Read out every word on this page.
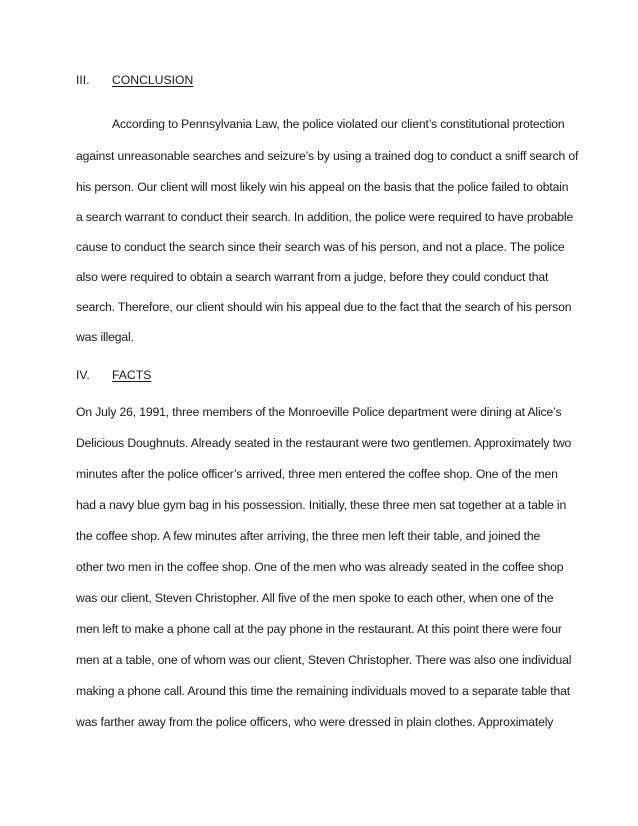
III. CONCLUSION
According to Pennsylvania Law, the police violated our client’s constitutional protection
against unreasonable searches and seizure’s by using a trained dog to conduct a sniff search of
his person. Our client will most likely win his appeal on the basis that the police failed to obtain
a search warrant to conduct their search. In addition, the police were required to have probable
cause to conduct the search since their search was of his person, and not a place. The police
also were required to obtain a search warrant from a judge, before they could conduct that
search. Therefore, our client should win his appeal due to the fact that the search of his person
was illegal.
IV. FACTS
On July 26, 1991, three members of the Monroeville Police department were dining at Alice’s
Delicious Doughnuts. Already seated in the restaurant were two gentlemen. Approximately two
minutes after the police officer’s arrived, three men entered the coffee shop. One of the men
had a navy blue gym bag in his possession. Initially, these three men sat together at a table in
the coffee shop. A few minutes after arriving, the three men left their table, and joined the
other two men in the coffee shop. One of the men who was already seated in the coffee shop
was our client, Steven Christopher. All five of the men spoke to each other, when one of the
men left to make a phone call at the pay phone in the restaurant. At this point there were four
men at a table, one of whom was our client, Steven Christopher. There was also one individual
making a phone call. Around this time the remaining individuals moved to a separate table that
was farther away from the police officers, who were dressed in plain clothes. Approximately
